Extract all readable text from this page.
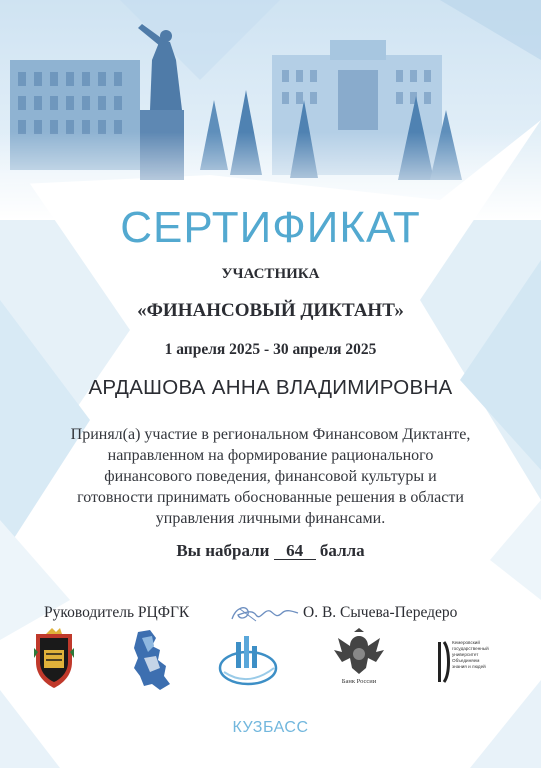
СЕРТИФИКАТ
УЧАСТНИКА
«ФИНАНСОВЫЙ ДИКТАНТ»
1 апреля 2025 - 30 апреля 2025
АРДАШОВА АННА ВЛАДИМИРОВНА
Принял(а) участие в региональном Финансовом Диктанте,
направленном на формирование рационального
финансового поведения, финансовой культуры и
готовности принимать обоснованные решения в области
управления личными финансами.
Вы набрали 64 балла
Руководитель РЦФГК	О. В. Сычева-Передеро
Банк России
Кемеровский
государственный
университет
Объединяем
знания и людей
КУЗБАСС
